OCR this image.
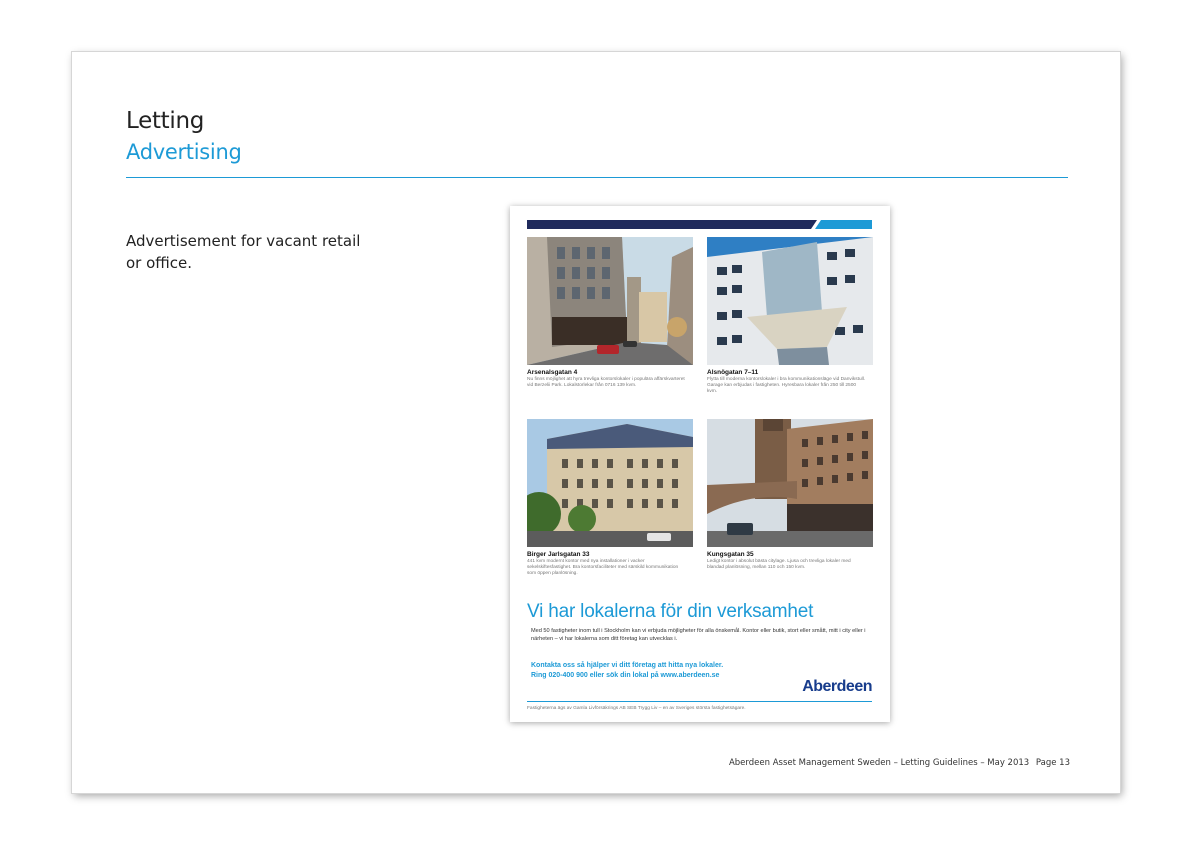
Letting
Advertising
Advertisement for vacant retail or office.
Arsenalsgatan 4
Nu finns möjlighet att hyra trevliga kontorslokaler i populära affärskvarteret vid Berzelii Park. Lokalstorlekar från 0716 139 kvm.
Alsnögatan 7–11
Flytta till moderna kontorslokaler i bra kommunikationsläge vid Danvikstull. Garage kan erbjudas i fastigheten. Hyresbara lokaler från 250 till 2500 kvm.
Birger Jarlsgatan 33
441 kvm modernt kontor med nya installationer i vacker sekelskiftesfastighet. Bra kontorsfaciliteter med särskild kommunikation som öppen planlösning.
Kungsgatan 35
Ledigt kontor i absolut bästa citylage. Ljusa och trevliga lokaler med blandad planlösning, mellan 110 och 150 kvm.
Vi har lokalerna för din verksamhet
Med 50 fastigheter inom tull i Stockholm kan vi erbjuda möjligheter för alla önskemål. Kontor eller butik, stort eller smått, mitt i city eller i närheten – vi har lokalerna som ditt företag kan utvecklas i.
Kontakta oss så hjälper vi ditt företag att hitta nya lokaler.
Ring 020-400 900 eller sök din lokal på www.aberdeen.se
Aberdeen
Fastigheterna ägs av Gamla Livförsäkrings AB SEB Trygg Liv – en av Sveriges största fastighetsägare.
Aberdeen Asset Management Sweden – Letting Guidelines – May 2013 Page 13
